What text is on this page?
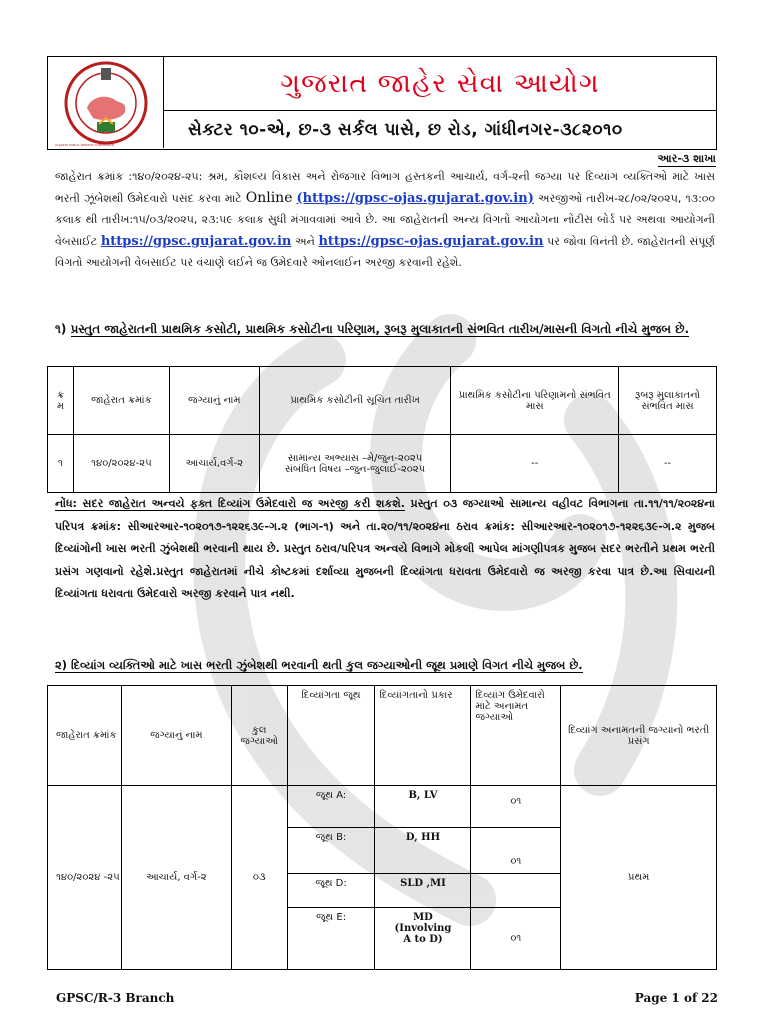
ગુજરાત જાહેર સેવા આયોગ
સેક્ટર ૧૦-એ, છ-૩ સર્કલ પાસે, છ રોડ, ગાંધીનગર-૩૮૨૦૧૦
આર-૩ શાખા
જાહેરાત ક્રમાંક :૧૪૦/૨૦૨૪-૨૫: શ્રમ, કૌશલ્ય વિકાસ અને રોજગાર વિભાગ હસ્તકની આચાર્ય, વર્ગ-૨ની જગ્યા પર દિવ્યાંગ વ્યક્તિઓ માટે ખાસ ભરતી ઝૂંબેશથી ઉમેદવારો પસંદ કરવા માટે Online (https://gpsc-ojas.gujarat.gov.in) અરજીઓ તારીખ-૨૮/૦૨/૨૦૨૫, ૧૩:૦૦ કલાક થી તારીખ:૧૫/૦૩/૨૦૨૫, ૨૩:૫૯ કલાક સુધી મંગાવવામાં આવે છે. આ જાહેરાતની અન્ય વિગતો આયોગના નોટીસ બોર્ડ પર અથવા આયોગની વેબસાઈટ https://gpsc.gujarat.gov.in અને https://gpsc-ojas.gujarat.gov.in પર જોવા વિનંતી છે. જાહેરાતની સંપૂર્ણ વિગતો આયોગની વેબસાઈટ પર વંચાણે લઈને જ ઉમેદવારે ઓનલાઈન અરજી કરવાની રહેશે.
૧) પ્રસ્તુત જાહેરાતની પ્રાથમિક કસોટી, પ્રાથમિક કસોટીના પરિણામ, રૂબરૂ મુલાકાતની સંભવિત તારીખ/માસની વિગતો નીચે મુજબ છે.
ક્ર
મ	જાહેરાત ક્રમાંક	જગ્યાનું નામ	પ્રાથમિક કસોટીની સૂચિત તારીખ	પ્રાથમિક કસોટીના પરિણામનો સંભવિત માસ	રૂબરૂ મુલાકાતનો સંભવિત માસ
૧	૧૪૦/૨૦૨૪-૨૫	આચાર્ય,વર્ગ-૨	સામાન્ય અભ્યાસ –મે/જુન-૨૦૨૫
સંબંધિત વિષય –જુન-જુલાઈ-૨૦૨૫	--	--
નોંધ: સદર જાહેરાત અન્વયે ફક્ત દિવ્યાંગ ઉમેદવારો જ અરજી કરી શકશે. પ્રસ્તુત ૦૩ જગ્યાઓ સામાન્ય વહીવટ વિભાગના તા.૧૧/૧૧/૨૦૨૪ના પરિપત્ર ક્રમાંક: સીઆરઆર-૧૦૨૦૧૭-૧૨૨૬૩૯-ગ.૨ (ભાગ-૧) અને તા.૨૦/૧૧/૨૦૨૪ના ઠરાવ ક્રમાંક: સીઆરઆર-૧૦૨૦૧૭-૧૨૨૬૩૯-ગ.૨ મુજબ દિવ્યાંગોની ખાસ ભરતી ઝુંબેશથી ભરવાની થાય છે. પ્રસ્તુત ઠરાવ/પરિપત્ર અન્વયે વિભાગે મોકલી આપેલ માંગણીપત્રક મુજબ સદર ભરતીને પ્રથમ ભરતી પ્રસંગ ગણવાનો રહેશે.પ્રસ્તુત જાહેરાતમાં નીચે કોષ્ટકમાં દર્શાવ્યા મુજબની દિવ્યાંગતા ધરાવતા ઉમેદવારો જ અરજી કરવા પાત્ર છે.આ સિવાયની દિવ્યાંગતા ધરાવતા ઉમેદવારો અરજી કરવાને પાત્ર નથી.
૨) દિવ્યાંગ વ્યક્તિઓ માટે ખાસ ભરતી ઝુંબેશથી ભરવાની થતી કુલ જગ્યાઓની જૂથ પ્રમાણે વિગત નીચે મુજબ છે.
જાહેરાત ક્રમાંક	જગ્યાનું નામ	કુલ જગ્યાઓ	દિવ્યાંગતા જૂથ	દિવ્યાંગતાનો પ્રકાર	દિવ્યાંગ ઉમેદવારો માટે અનામત જગ્યાઓ	દિવ્યાંગ અનામતની જગ્યાનો ભરતી પ્રસંગ
૧૪૦/૨૦૨૪ -૨૫	આચાર્ય, વર્ગ-૨	૦૩	જૂથ A:	B, LV	૦૧	પ્રથમ
			જૂથ B:	D, HH	૦૧	
			જૂથ D:	SLD ,MI		
			જૂથ E:	MD (Involving A to D)	૦૧	
GPSC/R-3 Branch	Page 1 of 22
GUJARAT PUBLIC SERVICE COMMISSION
